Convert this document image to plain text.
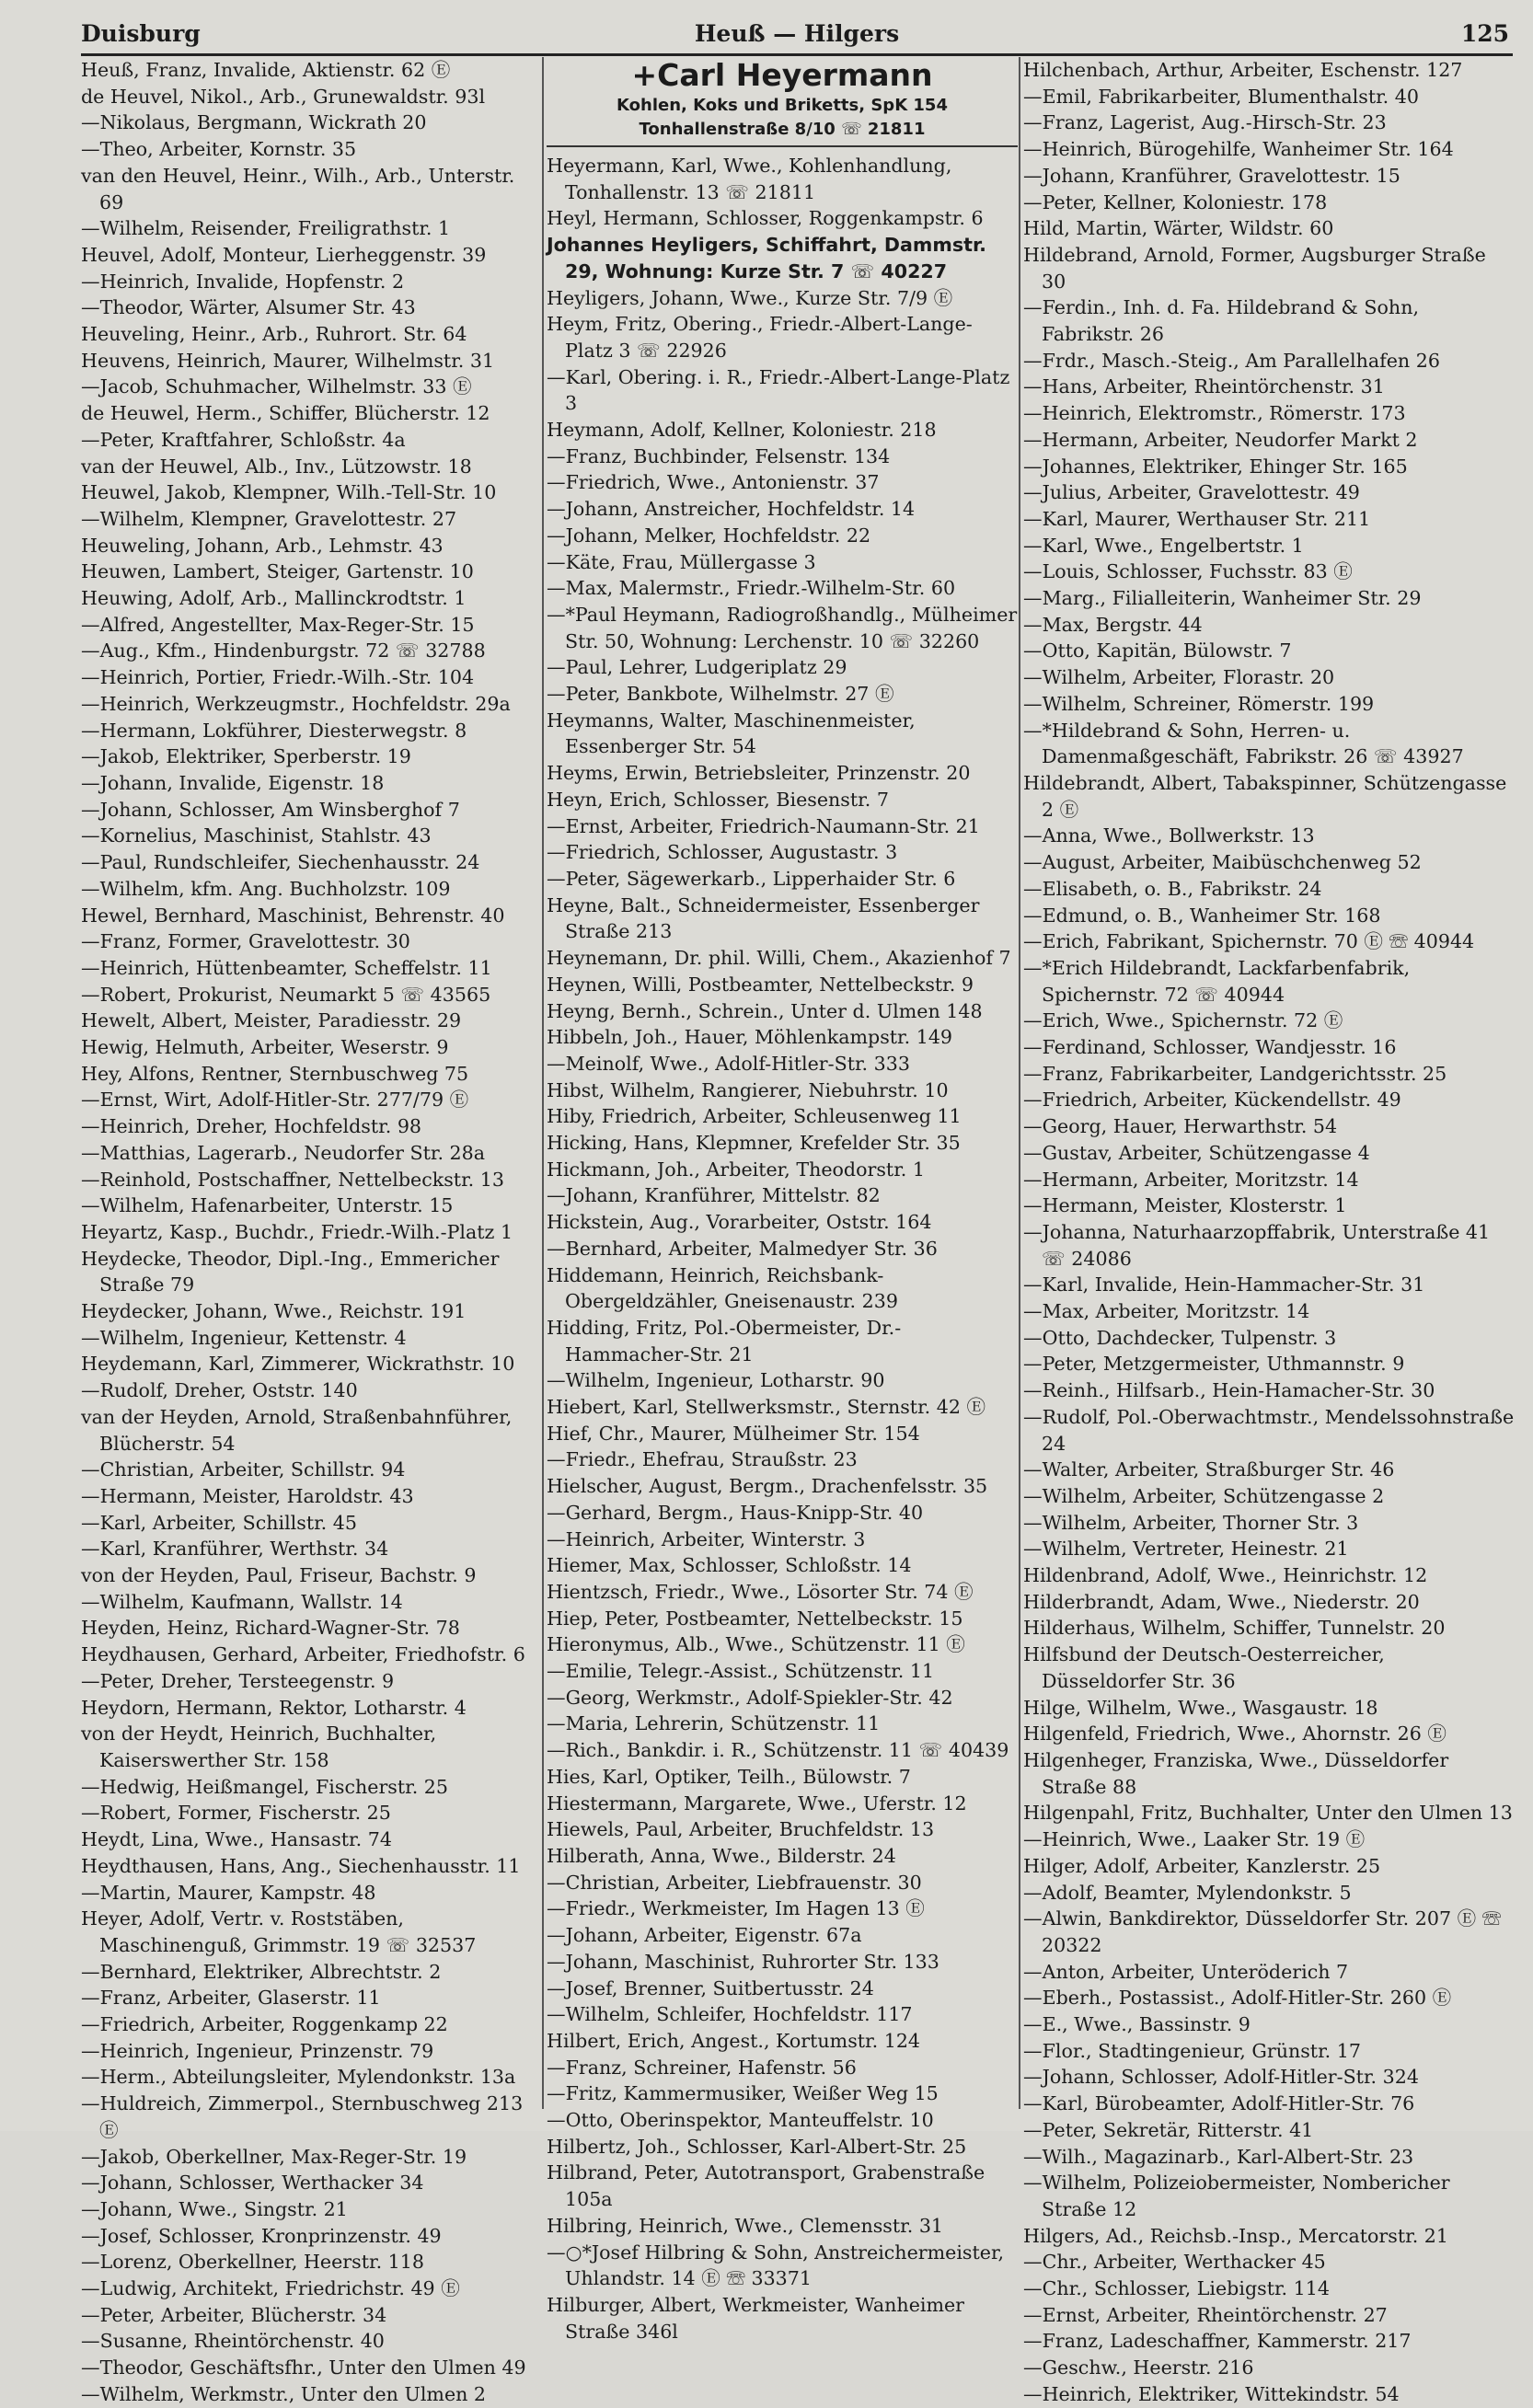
Duisburg	Heuß — Hilgers	125

Heuß, Franz, Invalide, Aktienstr. 62 Ⓔ

de Heuvel, Nikol., Arb., Grunewaldstr. 93l

—Nikolaus, Bergmann, Wickrath 20

—Theo, Arbeiter, Kornstr. 35

van den Heuvel, Heinr., Wilh., Arb., Unterstr. 69

—Wilhelm, Reisender, Freiligrathstr. 1

Heuvel, Adolf, Monteur, Lierheggenstr. 39

—Heinrich, Invalide, Hopfenstr. 2

—Theodor, Wärter, Alsumer Str. 43

Heuveling, Heinr., Arb., Ruhrort. Str. 64

Heuvens, Heinrich, Maurer, Wilhelmstr. 31

—Jacob, Schuhmacher, Wilhelmstr. 33 Ⓔ

de Heuwel, Herm., Schiffer, Blücherstr. 12

—Peter, Kraftfahrer, Schloßstr. 4a

van der Heuwel, Alb., Inv., Lützowstr. 18

Heuwel, Jakob, Klempner, Wilh.-Tell-Str. 10

—Wilhelm, Klempner, Gravelottestr. 27

Heuweling, Johann, Arb., Lehmstr. 43

Heuwen, Lambert, Steiger, Gartenstr. 10

Heuwing, Adolf, Arb., Mallinckrodtstr. 1

—Alfred, Angestellter, Max-Reger-Str. 15

—Aug., Kfm., Hindenburgstr. 72 ☏ 32788

—Heinrich, Portier, Friedr.-Wilh.-Str. 104

—Heinrich, Werkzeugmstr., Hochfeldstr. 29a

—Hermann, Lokführer, Diesterwegstr. 8

—Jakob, Elektriker, Sperberstr. 19

—Johann, Invalide, Eigenstr. 18

—Johann, Schlosser, Am Winsberghof 7

—Kornelius, Maschinist, Stahlstr. 43

—Paul, Rundschleifer, Siechenhausstr. 24

—Wilhelm, kfm. Ang. Buchholzstr. 109

Hewel, Bernhard, Maschinist, Behrenstr. 40

—Franz, Former, Gravelottestr. 30

—Heinrich, Hüttenbeamter, Scheffelstr. 11

—Robert, Prokurist, Neumarkt 5 ☏ 43565

Hewelt, Albert, Meister, Paradiesstr. 29

Hewig, Helmuth, Arbeiter, Weserstr. 9

Hey, Alfons, Rentner, Sternbuschweg 75

—Ernst, Wirt, Adolf-Hitler-Str. 277/79 Ⓔ

—Heinrich, Dreher, Hochfeldstr. 98

—Matthias, Lagerarb., Neudorfer Str. 28a

—Reinhold, Postschaffner, Nettelbeckstr. 13

—Wilhelm, Hafenarbeiter, Unterstr. 15

Heyartz, Kasp., Buchdr., Friedr.-Wilh.-Platz 1

Heydecke, Theodor, Dipl.-Ing., Emmericher Straße 79

Heydecker, Johann, Wwe., Reichstr. 191

—Wilhelm, Ingenieur, Kettenstr. 4

Heydemann, Karl, Zimmerer, Wickrathstr. 10

—Rudolf, Dreher, Oststr. 140

van der Heyden, Arnold, Straßenbahnführer, Blücherstr. 54

—Christian, Arbeiter, Schillstr. 94

—Hermann, Meister, Haroldstr. 43

—Karl, Arbeiter, Schillstr. 45

—Karl, Kranführer, Werthstr. 34

von der Heyden, Paul, Friseur, Bachstr. 9

—Wilhelm, Kaufmann, Wallstr. 14

Heyden, Heinz, Richard-Wagner-Str. 78

Heydhausen, Gerhard, Arbeiter, Friedhofstr. 6

—Peter, Dreher, Tersteegenstr. 9

Heydorn, Hermann, Rektor, Lotharstr. 4

von der Heydt, Heinrich, Buchhalter, Kaiserswerther Str. 158

—Hedwig, Heißmangel, Fischerstr. 25

—Robert, Former, Fischerstr. 25

Heydt, Lina, Wwe., Hansastr. 74

Heydthausen, Hans, Ang., Siechenhausstr. 11

—Martin, Maurer, Kampstr. 48

Heyer, Adolf, Vertr. v. Roststäben, Maschinenguß, Grimmstr. 19 ☏ 32537

—Bernhard, Elektriker, Albrechtstr. 2

—Franz, Arbeiter, Glaserstr. 11

—Friedrich, Arbeiter, Roggenkamp 22

—Heinrich, Ingenieur, Prinzenstr. 79

—Herm., Abteilungsleiter, Mylendonkstr. 13a

—Huldreich, Zimmerpol., Sternbuschweg 213 Ⓔ

—Jakob, Oberkellner, Max-Reger-Str. 19

—Johann, Schlosser, Werthacker 34

—Johann, Wwe., Singstr. 21

—Josef, Schlosser, Kronprinzenstr. 49

—Lorenz, Oberkellner, Heerstr. 118

—Ludwig, Architekt, Friedrichstr. 49 Ⓔ

—Peter, Arbeiter, Blücherstr. 34

—Susanne, Rheintörchenstr. 40

—Theodor, Geschäftsfhr., Unter den Ulmen 49

—Wilhelm, Werkmstr., Unter den Ulmen 2

+Carl Heyermann
Kohlen, Koks und Briketts, SpK 154
Tonhallenstraße 8/10 ☏ 21811

Heyermann, Karl, Wwe., Kohlenhandlung, Tonhallenstr. 13 ☏ 21811

Heyl, Hermann, Schlosser, Roggenkampstr. 6

Johannes Heyligers, Schiffahrt, Dammstr. 29, Wohnung: Kurze Str. 7 ☏ 40227

Heyligers, Johann, Wwe., Kurze Str. 7/9 Ⓔ

Heym, Fritz, Obering., Friedr.-Albert-Lange-Platz 3 ☏ 22926

—Karl, Obering. i. R., Friedr.-Albert-Lange-Platz 3

Heymann, Adolf, Kellner, Koloniestr. 218

—Franz, Buchbinder, Felsenstr. 134

—Friedrich, Wwe., Antonienstr. 37

—Johann, Anstreicher, Hochfeldstr. 14

—Johann, Melker, Hochfeldstr. 22

—Käte, Frau, Müllergasse 3

—Max, Malermstr., Friedr.-Wilhelm-Str. 60

—*Paul Heymann, Radiogroßhandlg., Mülheimer Str. 50, Wohnung: Lerchenstr. 10 ☏ 32260

—Paul, Lehrer, Ludgeriplatz 29

—Peter, Bankbote, Wilhelmstr. 27 Ⓔ

Heymanns, Walter, Maschinenmeister, Essenberger Str. 54

Heyms, Erwin, Betriebsleiter, Prinzenstr. 20

Heyn, Erich, Schlosser, Biesenstr. 7

—Ernst, Arbeiter, Friedrich-Naumann-Str. 21

—Friedrich, Schlosser, Augustastr. 3

—Peter, Sägewerkarb., Lipperhaider Str. 6

Heyne, Balt., Schneidermeister, Essenberger Straße 213

Heynemann, Dr. phil. Willi, Chem., Akazienhof 7

Heynen, Willi, Postbeamter, Nettelbeckstr. 9

Heyng, Bernh., Schrein., Unter d. Ulmen 148

Hibbeln, Joh., Hauer, Möhlenkampstr. 149

—Meinolf, Wwe., Adolf-Hitler-Str. 333

Hibst, Wilhelm, Rangierer, Niebuhrstr. 10

Hiby, Friedrich, Arbeiter, Schleusenweg 11

Hicking, Hans, Klepmner, Krefelder Str. 35

Hickmann, Joh., Arbeiter, Theodorstr. 1

—Johann, Kranführer, Mittelstr. 82

Hickstein, Aug., Vorarbeiter, Oststr. 164

—Bernhard, Arbeiter, Malmedyer Str. 36

Hiddemann, Heinrich, Reichsbank-Obergeldzähler, Gneisenaustr. 239

Hidding, Fritz, Pol.-Obermeister, Dr.-Hammacher-Str. 21

—Wilhelm, Ingenieur, Lotharstr. 90

Hiebert, Karl, Stellwerksmstr., Sternstr. 42 Ⓔ

Hief, Chr., Maurer, Mülheimer Str. 154

—Friedr., Ehefrau, Straußstr. 23

Hielscher, August, Bergm., Drachenfelsstr. 35

—Gerhard, Bergm., Haus-Knipp-Str. 40

—Heinrich, Arbeiter, Winterstr. 3

Hiemer, Max, Schlosser, Schloßstr. 14

Hientzsch, Friedr., Wwe., Lösorter Str. 74 Ⓔ

Hiep, Peter, Postbeamter, Nettelbeckstr. 15

Hieronymus, Alb., Wwe., Schützenstr. 11 Ⓔ

—Emilie, Telegr.-Assist., Schützenstr. 11

—Georg, Werkmstr., Adolf-Spiekler-Str. 42

—Maria, Lehrerin, Schützenstr. 11

—Rich., Bankdir. i. R., Schützenstr. 11 ☏ 40439

Hies, Karl, Optiker, Teilh., Bülowstr. 7

Hiestermann, Margarete, Wwe., Uferstr. 12

Hiewels, Paul, Arbeiter, Bruchfeldstr. 13

Hilberath, Anna, Wwe., Bilderstr. 24

—Christian, Arbeiter, Liebfrauenstr. 30

—Friedr., Werkmeister, Im Hagen 13 Ⓔ

—Johann, Arbeiter, Eigenstr. 67a

—Johann, Maschinist, Ruhrorter Str. 133

—Josef, Brenner, Suitbertusstr. 24

—Wilhelm, Schleifer, Hochfeldstr. 117

Hilbert, Erich, Angest., Kortumstr. 124

—Franz, Schreiner, Hafenstr. 56

—Fritz, Kammermusiker, Weißer Weg 15

—Otto, Oberinspektor, Manteuffelstr. 10

Hilbertz, Joh., Schlosser, Karl-Albert-Str. 25

Hilbrand, Peter, Autotransport, Grabenstraße 105a

Hilbring, Heinrich, Wwe., Clemensstr. 31

—○*Josef Hilbring & Sohn, Anstreichermeister, Uhlandstr. 14 Ⓔ ☏ 33371

Hilburger, Albert, Werkmeister, Wanheimer Straße 346l

Hilchenbach, Arthur, Arbeiter, Eschenstr. 127

—Emil, Fabrikarbeiter, Blumenthalstr. 40

—Franz, Lagerist, Aug.-Hirsch-Str. 23

—Heinrich, Bürogehilfe, Wanheimer Str. 164

—Johann, Kranführer, Gravelottestr. 15

—Peter, Kellner, Koloniestr. 178

Hild, Martin, Wärter, Wildstr. 60

Hildebrand, Arnold, Former, Augsburger Straße 30

—Ferdin., Inh. d. Fa. Hildebrand & Sohn, Fabrikstr. 26

—Frdr., Masch.-Steig., Am Parallelhafen 26

—Hans, Arbeiter, Rheintörchenstr. 31

—Heinrich, Elektromstr., Römerstr. 173

—Hermann, Arbeiter, Neudorfer Markt 2

—Johannes, Elektriker, Ehinger Str. 165

—Julius, Arbeiter, Gravelottestr. 49

—Karl, Maurer, Werthauser Str. 211

—Karl, Wwe., Engelbertstr. 1

—Louis, Schlosser, Fuchsstr. 83 Ⓔ

—Marg., Filialleiterin, Wanheimer Str. 29

—Max, Bergstr. 44

—Otto, Kapitän, Bülowstr. 7

—Wilhelm, Arbeiter, Florastr. 20

—Wilhelm, Schreiner, Römerstr. 199

—*Hildebrand & Sohn, Herren- u. Damenmaßgeschäft, Fabrikstr. 26 ☏ 43927

Hildebrandt, Albert, Tabakspinner, Schützengasse 2 Ⓔ

—Anna, Wwe., Bollwerkstr. 13

—August, Arbeiter, Maibüschchenweg 52

—Elisabeth, o. B., Fabrikstr. 24

—Edmund, o. B., Wanheimer Str. 168

—Erich, Fabrikant, Spichernstr. 70 Ⓔ ☏ 40944

—*Erich Hildebrandt, Lackfarbenfabrik, Spichernstr. 72 ☏ 40944

—Erich, Wwe., Spichernstr. 72 Ⓔ

—Ferdinand, Schlosser, Wandjesstr. 16

—Franz, Fabrikarbeiter, Landgerichtsstr. 25

—Friedrich, Arbeiter, Kückendellstr. 49

—Georg, Hauer, Herwarthstr. 54

—Gustav, Arbeiter, Schützengasse 4

—Hermann, Arbeiter, Moritzstr. 14

—Hermann, Meister, Klosterstr. 1

—Johanna, Naturhaarzopffabrik, Unterstraße 41 ☏ 24086

—Karl, Invalide, Hein-Hammacher-Str. 31

—Max, Arbeiter, Moritzstr. 14

—Otto, Dachdecker, Tulpenstr. 3

—Peter, Metzgermeister, Uthmannstr. 9

—Reinh., Hilfsarb., Hein-Hamacher-Str. 30

—Rudolf, Pol.-Oberwachtmstr., Mendelssohnstraße 24

—Walter, Arbeiter, Straßburger Str. 46

—Wilhelm, Arbeiter, Schützengasse 2

—Wilhelm, Arbeiter, Thorner Str. 3

—Wilhelm, Vertreter, Heinestr. 21

Hildenbrand, Adolf, Wwe., Heinrichstr. 12

Hilderbrandt, Adam, Wwe., Niederstr. 20

Hilderhaus, Wilhelm, Schiffer, Tunnelstr. 20

Hilfsbund der Deutsch-Oesterreicher, Düsseldorfer Str. 36

Hilge, Wilhelm, Wwe., Wasgaustr. 18

Hilgenfeld, Friedrich, Wwe., Ahornstr. 26 Ⓔ

Hilgenheger, Franziska, Wwe., Düsseldorfer Straße 88

Hilgenpahl, Fritz, Buchhalter, Unter den Ulmen 13

—Heinrich, Wwe., Laaker Str. 19 Ⓔ

Hilger, Adolf, Arbeiter, Kanzlerstr. 25

—Adolf, Beamter, Mylendonkstr. 5

—Alwin, Bankdirektor, Düsseldorfer Str. 207 Ⓔ ☏ 20322

—Anton, Arbeiter, Unteröderich 7

—Eberh., Postassist., Adolf-Hitler-Str. 260 Ⓔ

—E., Wwe., Bassinstr. 9

—Flor., Stadtingenieur, Grünstr. 17

—Johann, Schlosser, Adolf-Hitler-Str. 324

—Karl, Bürobeamter, Adolf-Hitler-Str. 76

—Peter, Sekretär, Ritterstr. 41

—Wilh., Magazinarb., Karl-Albert-Str. 23

—Wilhelm, Polizeiobermeister, Nombericher Straße 12

Hilgers, Ad., Reichsb.-Insp., Mercatorstr. 21

—Chr., Arbeiter, Werthacker 45

—Chr., Schlosser, Liebigstr. 114

—Ernst, Arbeiter, Rheintörchenstr. 27

—Franz, Ladeschaffner, Kammerstr. 217

—Geschw., Heerstr. 216

—Heinrich, Elektriker, Wittekindstr. 54
